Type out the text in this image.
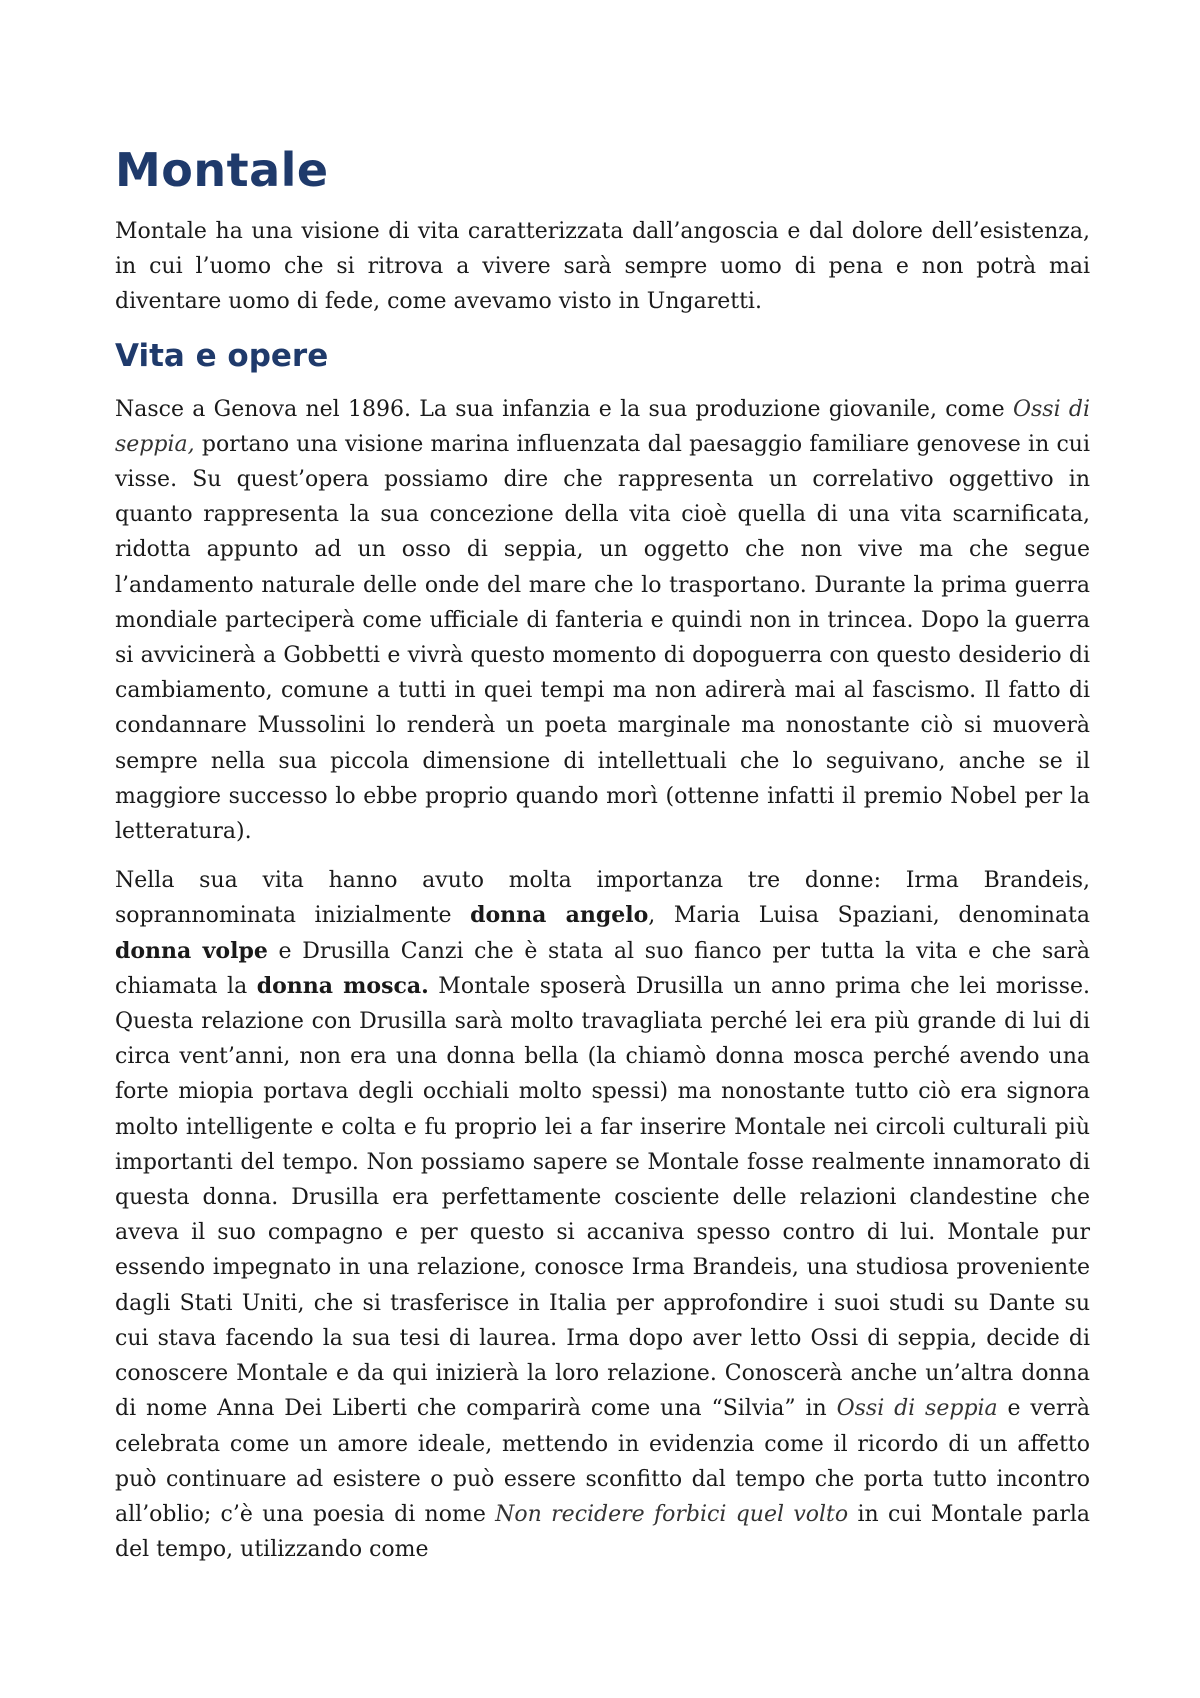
Montale

Montale ha una visione di vita caratterizzata dall’angoscia e dal dolore dell’esistenza, in cui l’uomo che si ritrova a vivere sarà sempre uomo di pena e non potrà mai diventare uomo di fede, come avevamo visto in Ungaretti.

Vita e opere

Nasce a Genova nel 1896. La sua infanzia e la sua produzione giovanile, come Ossi di seppia, portano una visione marina influenzata dal paesaggio familiare genovese in cui visse. Su quest’opera possiamo dire che rappresenta un correlativo oggettivo in quanto rappresenta la sua concezione della vita cioè quella di una vita scarnificata, ridotta appunto ad un osso di seppia, un oggetto che non vive ma che segue l’andamento naturale delle onde del mare che lo trasportano. Durante la prima guerra mondiale parteciperà come ufficiale di fanteria e quindi non in trincea. Dopo la guerra si avvicinerà a Gobbetti e vivrà questo momento di dopoguerra con questo desiderio di cambiamento, comune a tutti in quei tempi ma non adirerà mai al fascismo. Il fatto di condannare Mussolini lo renderà un poeta marginale ma nonostante ciò si muoverà sempre nella sua piccola dimensione di intellettuali che lo seguivano, anche se il maggiore successo lo ebbe proprio quando morì (ottenne infatti il premio Nobel per la letteratura).

Nella sua vita hanno avuto molta importanza tre donne: Irma Brandeis, soprannominata inizialmente donna angelo, Maria Luisa Spaziani, denominata donna volpe e Drusilla Canzi che è stata al suo fianco per tutta la vita e che sarà chiamata la donna mosca. Montale sposerà Drusilla un anno prima che lei morisse. Questa relazione con Drusilla sarà molto travagliata perché lei era più grande di lui di circa vent’anni, non era una donna bella (la chiamò donna mosca perché avendo una forte miopia portava degli occhiali molto spessi) ma nonostante tutto ciò era signora molto intelligente e colta e fu proprio lei a far inserire Montale nei circoli culturali più importanti del tempo. Non possiamo sapere se Montale fosse realmente innamorato di questa donna. Drusilla era perfettamente cosciente delle relazioni clandestine che aveva il suo compagno e per questo si accaniva spesso contro di lui. Montale pur essendo impegnato in una relazione, conosce Irma Brandeis, una studiosa proveniente dagli Stati Uniti, che si trasferisce in Italia per approfondire i suoi studi su Dante su cui stava facendo la sua tesi di laurea. Irma dopo aver letto Ossi di seppia, decide di conoscere Montale e da qui inizierà la loro relazione. Conoscerà anche un’altra donna di nome Anna Dei Liberti che comparirà come una “Silvia” in Ossi di seppia e verrà celebrata come un amore ideale, mettendo in evidenzia come il ricordo di un affetto può continuare ad esistere o può essere sconfitto dal tempo che porta tutto incontro all’oblio; c’è una poesia di nome Non recidere forbici quel volto in cui Montale parla del tempo, utilizzando come
